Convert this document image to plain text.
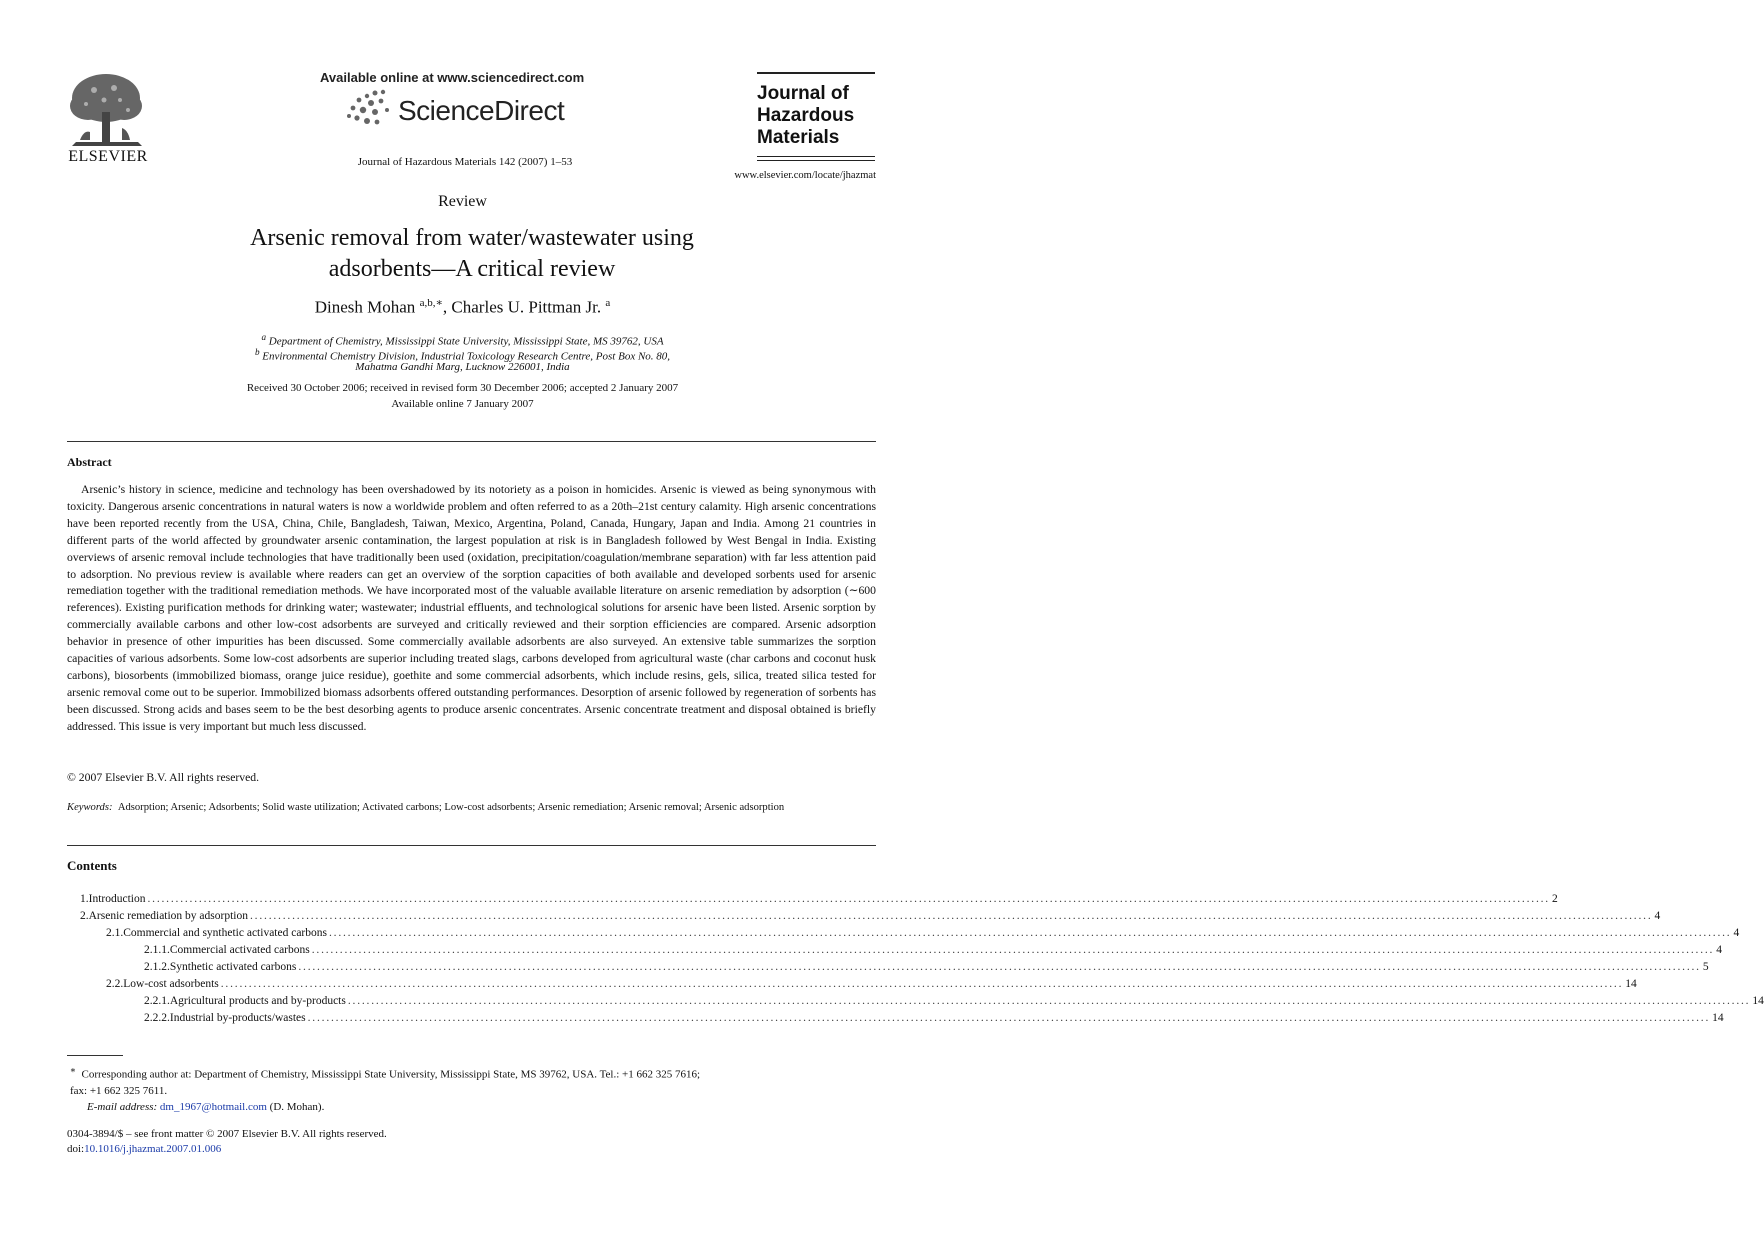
ELSEVIER
Available online at www.sciencedirect.com
ScienceDirect
Journal of Hazardous Materials 142 (2007) 1–53
Journal of
Hazardous
Materials
www.elsevier.com/locate/jhazmat
Review
Arsenic removal from water/wastewater using adsorbents—A critical review
Dinesh Mohan $^{a,b,∗}$, Charles U. Pittman Jr. $^a$
$^a$ Department of Chemistry, Mississippi State University, Mississippi State, MS 39762, USA
$^b$ Environmental Chemistry Division, Industrial Toxicology Research Centre, Post Box No. 80,
Mahatma Gandhi Marg, Lucknow 226001, India
Received 30 October 2006; received in revised form 30 December 2006; accepted 2 January 2007
Available online 7 January 2007
Abstract

Arsenic’s history in science, medicine and technology has been overshadowed by its notoriety as a poison in homicides. Arsenic is viewed as being synonymous with toxicity. Dangerous arsenic concentrations in natural waters is now a worldwide problem and often referred to as a 20th–21st century calamity. High arsenic concentrations have been reported recently from the USA, China, Chile, Bangladesh, Taiwan, Mexico, Argentina, Poland, Canada, Hungary, Japan and India. Among 21 countries in different parts of the world affected by groundwater arsenic contamination, the largest population at risk is in Bangladesh followed by West Bengal in India. Existing overviews of arsenic removal include technologies that have traditionally been used (oxidation, precipitation/coagulation/membrane separation) with far less attention paid to adsorption. No previous review is available where readers can get an overview of the sorption capacities of both available and developed sorbents used for arsenic remediation together with the traditional remediation methods. We have incorporated most of the valuable available literature on arsenic remediation by adsorption (∼600 references). Existing purification methods for drinking water; wastewater; industrial effluents, and technological solutions for arsenic have been listed. Arsenic sorption by commercially available carbons and other low-cost adsorbents are surveyed and critically reviewed and their sorption efficiencies are compared. Arsenic adsorption behavior in presence of other impurities has been discussed. Some commercially available adsorbents are also surveyed. An extensive table summarizes the sorption capacities of various adsorbents. Some low-cost adsorbents are superior including treated slags, carbons developed from agricultural waste (char carbons and coconut husk carbons), biosorbents (immobilized biomass, orange juice residue), goethite and some commercial adsorbents, which include resins, gels, silica, treated silica tested for arsenic removal come out to be superior. Immobilized biomass adsorbents offered outstanding performances. Desorption of arsenic followed by regeneration of sorbents has been discussed. Strong acids and bases seem to be the best desorbing agents to produce arsenic concentrates. Arsenic concentrate treatment and disposal obtained is briefly addressed. This issue is very important but much less discussed.

© 2007 Elsevier B.V. All rights reserved.

Keywords: Adsorption; Arsenic; Adsorbents; Solid waste utilization; Activated carbons; Low-cost adsorbents; Arsenic remediation; Arsenic removal; Arsenic adsorption

Contents
1. Introduction ............................................................................................................................................................................................................................................................................................................ 2
2. Arsenic remediation by adsorption ............................................................................................................................................................................................................................................................................................................ 4
2.1. Commercial and synthetic activated carbons ............................................................................................................................................................................................................................................................................................................ 4
2.1.1. Commercial activated carbons ............................................................................................................................................................................................................................................................................................................ 4
2.1.2. Synthetic activated carbons ............................................................................................................................................................................................................................................................................................................ 5
2.2. Low-cost adsorbents ............................................................................................................................................................................................................................................................................................................ 14
2.2.1. Agricultural products and by-products ............................................................................................................................................................................................................................................................................................................ 14
2.2.2. Industrial by-products/wastes ............................................................................................................................................................................................................................................................................................................ 14
∗ Corresponding author at: Department of Chemistry, Mississippi State University, Mississippi State, MS 39762, USA. Tel.: +1 662 325 7616;
fax: +1 662 325 7611.
E-mail address: dm_1967@hotmail.com (D. Mohan).
0304-3894/$ – see front matter © 2007 Elsevier B.V. All rights reserved.
doi:10.1016/j.jhazmat.2007.01.006
